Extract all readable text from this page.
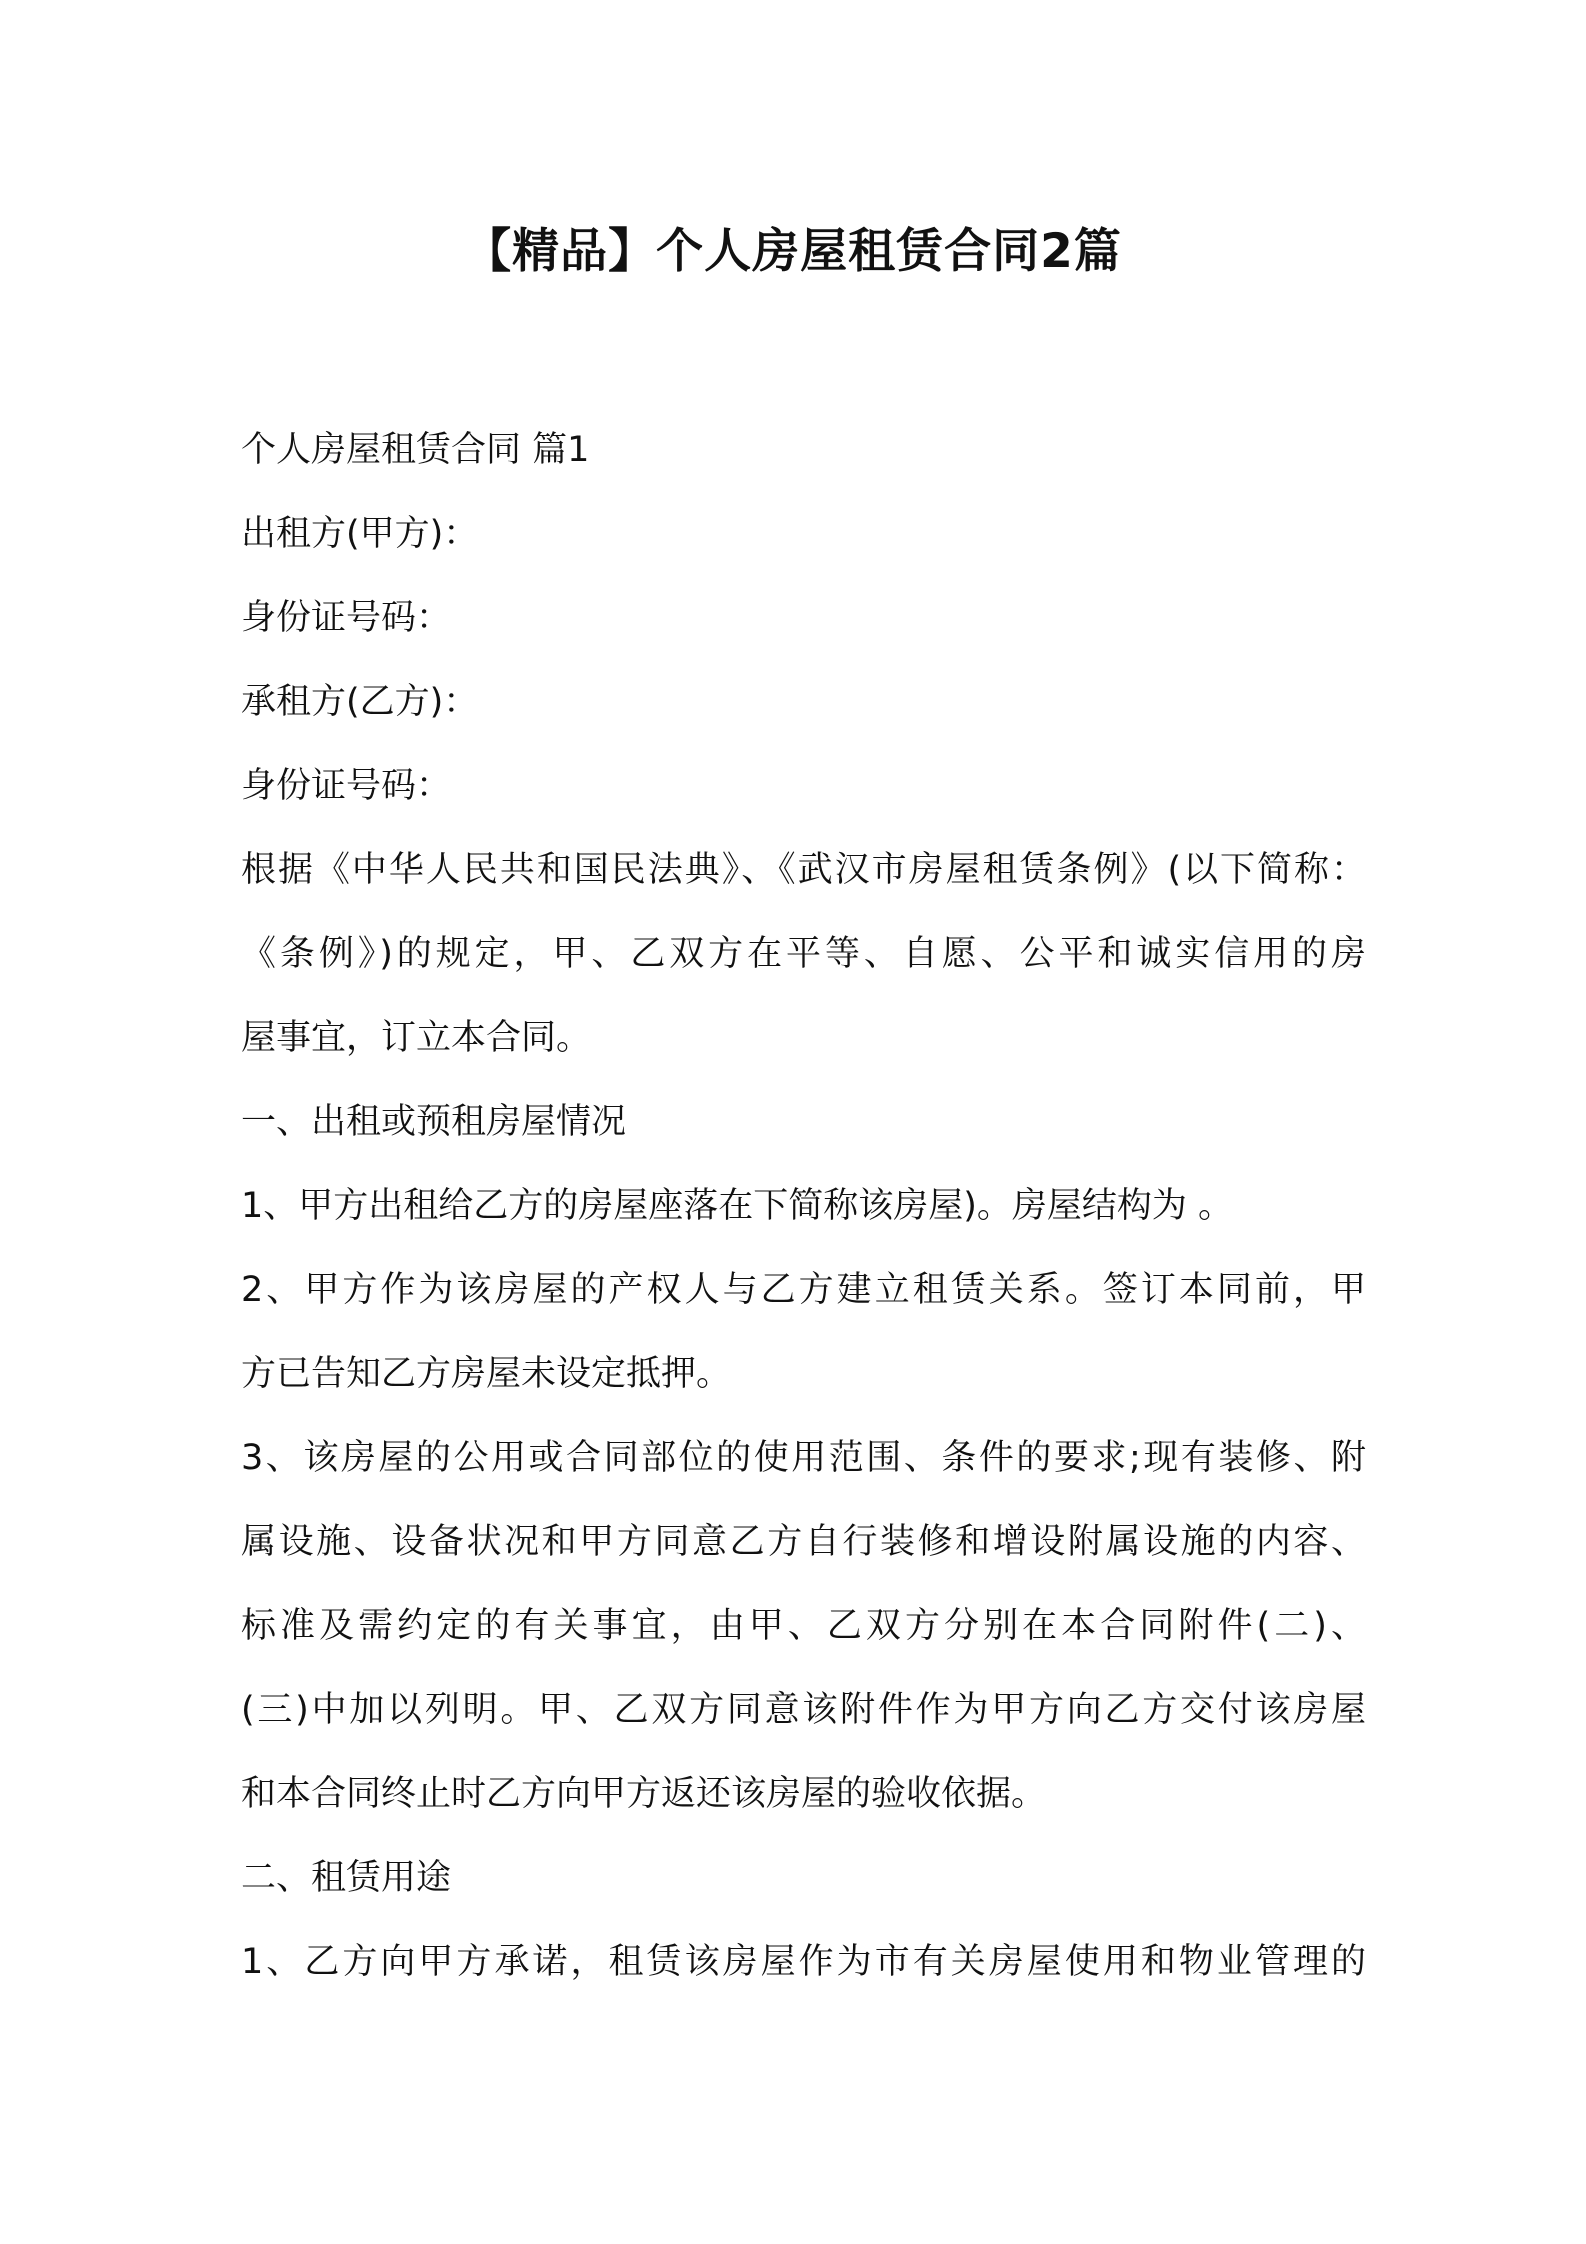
【精品】个人房屋租赁合同2篇
个人房屋租赁合同 篇1
出租方(甲方)：
身份证号码：
承租方(乙方)：
身份证号码：
根据《中华人民共和国民法典》、《武汉市房屋租赁条例》(以下简称：
《条例》)的规定，甲、乙双方在平等、自愿、公平和诚实信用的房
屋事宜，订立本合同。
一、出租或预租房屋情况
1、甲方出租给乙方的房屋座落在下简称该房屋)。房屋结构为 。
2、甲方作为该房屋的产权人与乙方建立租赁关系。签订本同前，甲
方已告知乙方房屋未设定抵押。
3、该房屋的公用或合同部位的使用范围、条件的要求;现有装修、附
属设施、设备状况和甲方同意乙方自行装修和增设附属设施的内容、
标准及需约定的有关事宜，由甲、乙双方分别在本合同附件(二)、
(三)中加以列明。甲、乙双方同意该附件作为甲方向乙方交付该房屋
和本合同终止时乙方向甲方返还该房屋的验收依据。
二、租赁用途
1、乙方向甲方承诺，租赁该房屋作为市有关房屋使用和物业管理的
